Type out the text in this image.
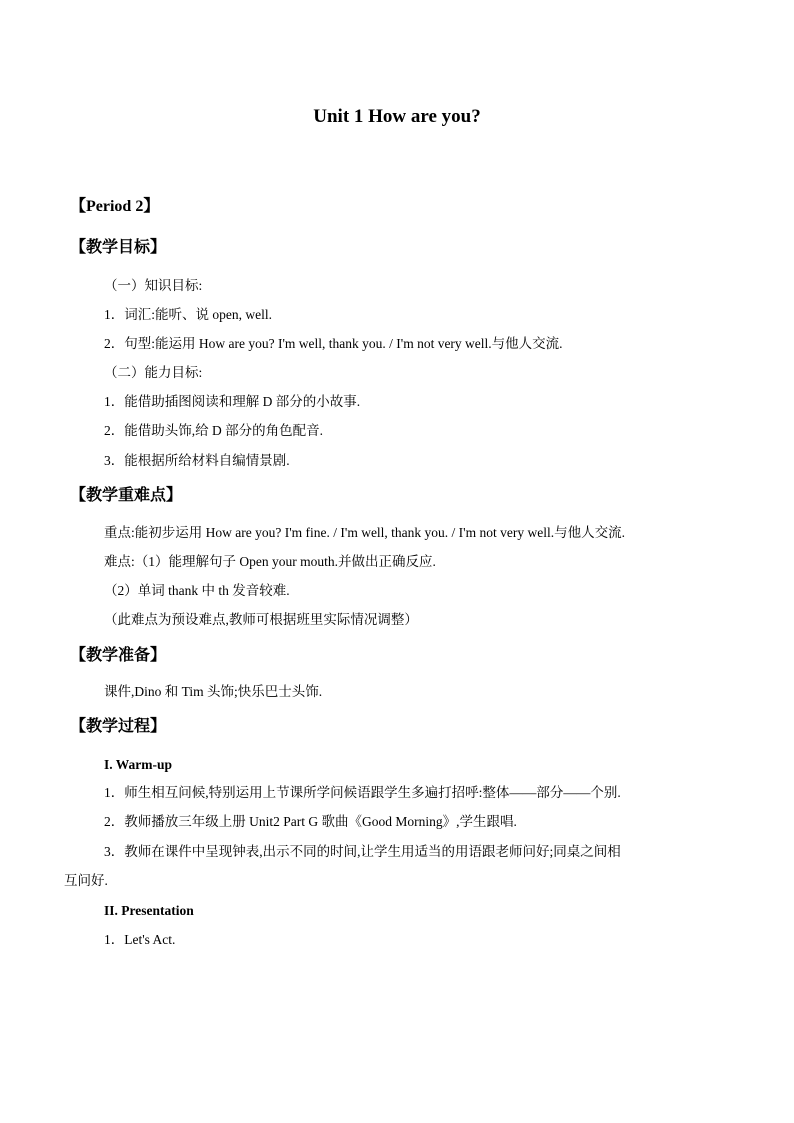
Unit 1 How are you?
【Period 2】
【教学目标】
（一）知识目标:
1．词汇:能听、说 open, well.
2．句型:能运用 How are you? I'm well, thank you. / I'm not very well.与他人交流.
（二）能力目标:
1．能借助插图阅读和理解 D 部分的小故事.
2．能借助头饰,给 D 部分的角色配音.
3．能根据所给材料自编情景剧.
【教学重难点】
重点:能初步运用 How are you? I'm fine. / I'm well, thank you. / I'm not very well.与他人交流.
难点:（1）能理解句子 Open your mouth.并做出正确反应.
（2）单词 thank 中 th 发音较难.
（此难点为预设难点,教师可根据班里实际情况调整）
【教学准备】
课件,Dino 和 Tim 头饰;快乐巴士头饰.
【教学过程】
I. Warm-up
1．师生相互问候,特别运用上节课所学问候语跟学生多遍打招呼:整体——部分——个别.
2．教师播放三年级上册 Unit2 Part G 歌曲《Good Morning》,学生跟唱.
3．教师在课件中呈现钟表,出示不同的时间,让学生用适当的用语跟老师问好;同桌之间相
互问好.
II. Presentation
1．Let's Act.
